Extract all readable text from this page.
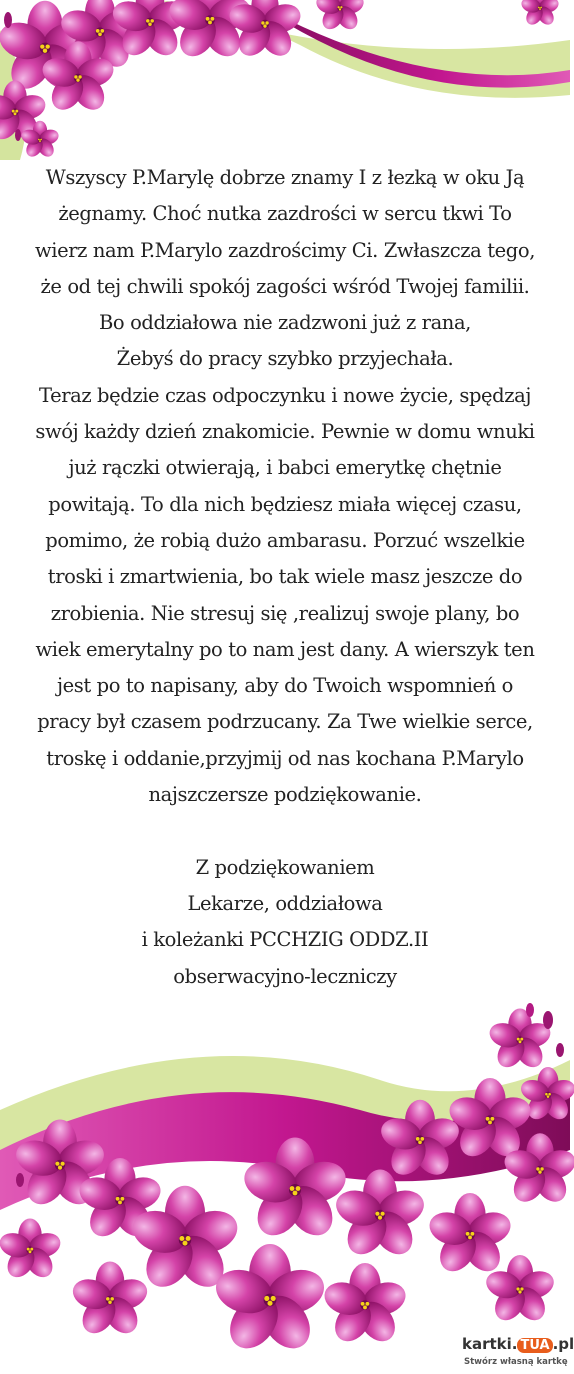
Wszyscy P.Marylę dobrze znamy I z łezką w oku Ją
żegnamy. Choć nutka zazdrości w sercu tkwi To
wierz nam P.Marylo zazdrościmy Ci. Zwłaszcza tego,
że od tej chwili spokój zagości wśród Twojej familii.
Bo oddziałowa nie zadzwoni już z rana,
Żebyś do pracy szybko przyjechała.
Teraz będzie czas odpoczynku i nowe życie, spędzaj
swój każdy dzień znakomicie. Pewnie w domu wnuki
już rączki otwierają, i babci emerytkę chętnie
powitają. To dla nich będziesz miała więcej czasu,
pomimo, że robią dużo ambarasu. Porzuć wszelkie
troski i zmartwienia, bo tak wiele masz jeszcze do
zrobienia. Nie stresuj się ,realizuj swoje plany, bo
wiek emerytalny po to nam jest dany. A wierszyk ten
jest po to napisany, aby do Twoich wspomnień o
pracy był czasem podrzucany. Za Twe wielkie serce,
troskę i oddanie,przyjmij od nas kochana P.Marylo
najszczersze podziękowanie.
Z podziękowaniem
Lekarze, oddziałowa
i koleżanki PCCHZIG ODDZ.II
obserwacyjno-leczniczy
kartki. TUA .pl
Stwórz własną kartkę
